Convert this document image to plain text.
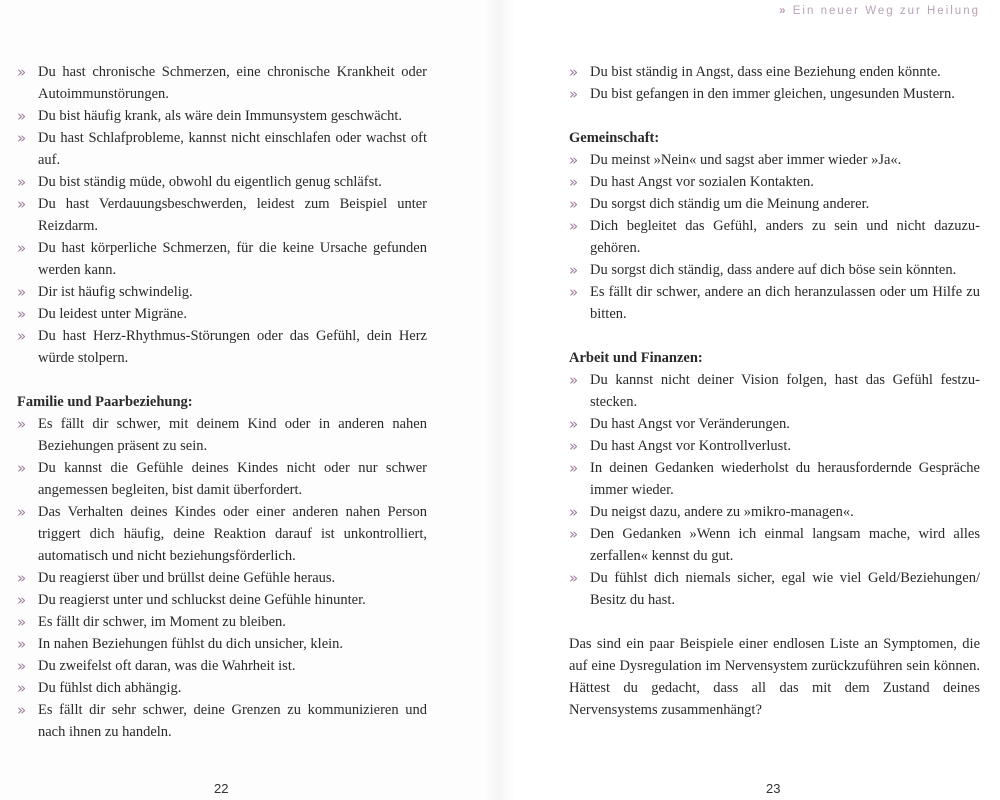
» Ein neuer Weg zur Heilung
» Du hast chronische Schmerzen, eine chronische Krankheit oder Autoimmunstörungen.
» Du bist häufig krank, als wäre dein Immunsystem geschwächt.
» Du hast Schlafprobleme, kannst nicht einschlafen oder wachst oft auf.
» Du bist ständig müde, obwohl du eigentlich genug schläfst.
» Du hast Verdauungsbeschwerden, leidest zum Beispiel unter Reizdarm.
» Du hast körperliche Schmerzen, für die keine Ursache gefunden werden kann.
» Dir ist häufig schwindelig.
» Du leidest unter Migräne.
» Du hast Herz-Rhythmus-Störungen oder das Gefühl, dein Herz würde stolpern.
Familie und Paarbeziehung:
» Es fällt dir schwer, mit deinem Kind oder in anderen nahen Beziehungen präsent zu sein.
» Du kannst die Gefühle deines Kindes nicht oder nur schwer angemessen begleiten, bist damit überfordert.
» Das Verhalten deines Kindes oder einer anderen nahen Person triggert dich häufig, deine Reaktion darauf ist unkontrolliert, automatisch und nicht beziehungsförderlich.
» Du reagierst über und brüllst deine Gefühle heraus.
» Du reagierst unter und schluckst deine Gefühle hinunter.
» Es fällt dir schwer, im Moment zu bleiben.
» In nahen Beziehungen fühlst du dich unsicher, klein.
» Du zweifelst oft daran, was die Wahrheit ist.
» Du fühlst dich abhängig.
» Es fällt dir sehr schwer, deine Grenzen zu kommunizieren und nach ihnen zu handeln.
» Du bist ständig in Angst, dass eine Beziehung enden könnte.
» Du bist gefangen in den immer gleichen, ungesunden Mustern.
Gemeinschaft:
» Du meinst »Nein« und sagst aber immer wieder »Ja«.
» Du hast Angst vor sozialen Kontakten.
» Du sorgst dich ständig um die Meinung anderer.
» Dich begleitet das Gefühl, anders zu sein und nicht dazuzugehören.
» Du sorgst dich ständig, dass andere auf dich böse sein könnten.
» Es fällt dir schwer, andere an dich heranzulassen oder um Hilfe zu bitten.
Arbeit und Finanzen:
» Du kannst nicht deiner Vision folgen, hast das Gefühl festzustecken.
» Du hast Angst vor Veränderungen.
» Du hast Angst vor Kontrollverlust.
» In deinen Gedanken wiederholst du herausfordernde Gespräche immer wieder.
» Du neigst dazu, andere zu »mikro-managen«.
» Den Gedanken »Wenn ich einmal langsam mache, wird alles zerfallen« kennst du gut.
» Du fühlst dich niemals sicher, egal wie viel Geld/Beziehungen/ Besitz du hast.

Das sind ein paar Beispiele einer endlosen Liste an Symptomen, die auf eine Dysregulation im Nervensystem zurückzuführen sein können. Hättest du gedacht, dass all das mit dem Zustand deines Nervensystems zusammenhängt?

22	23
